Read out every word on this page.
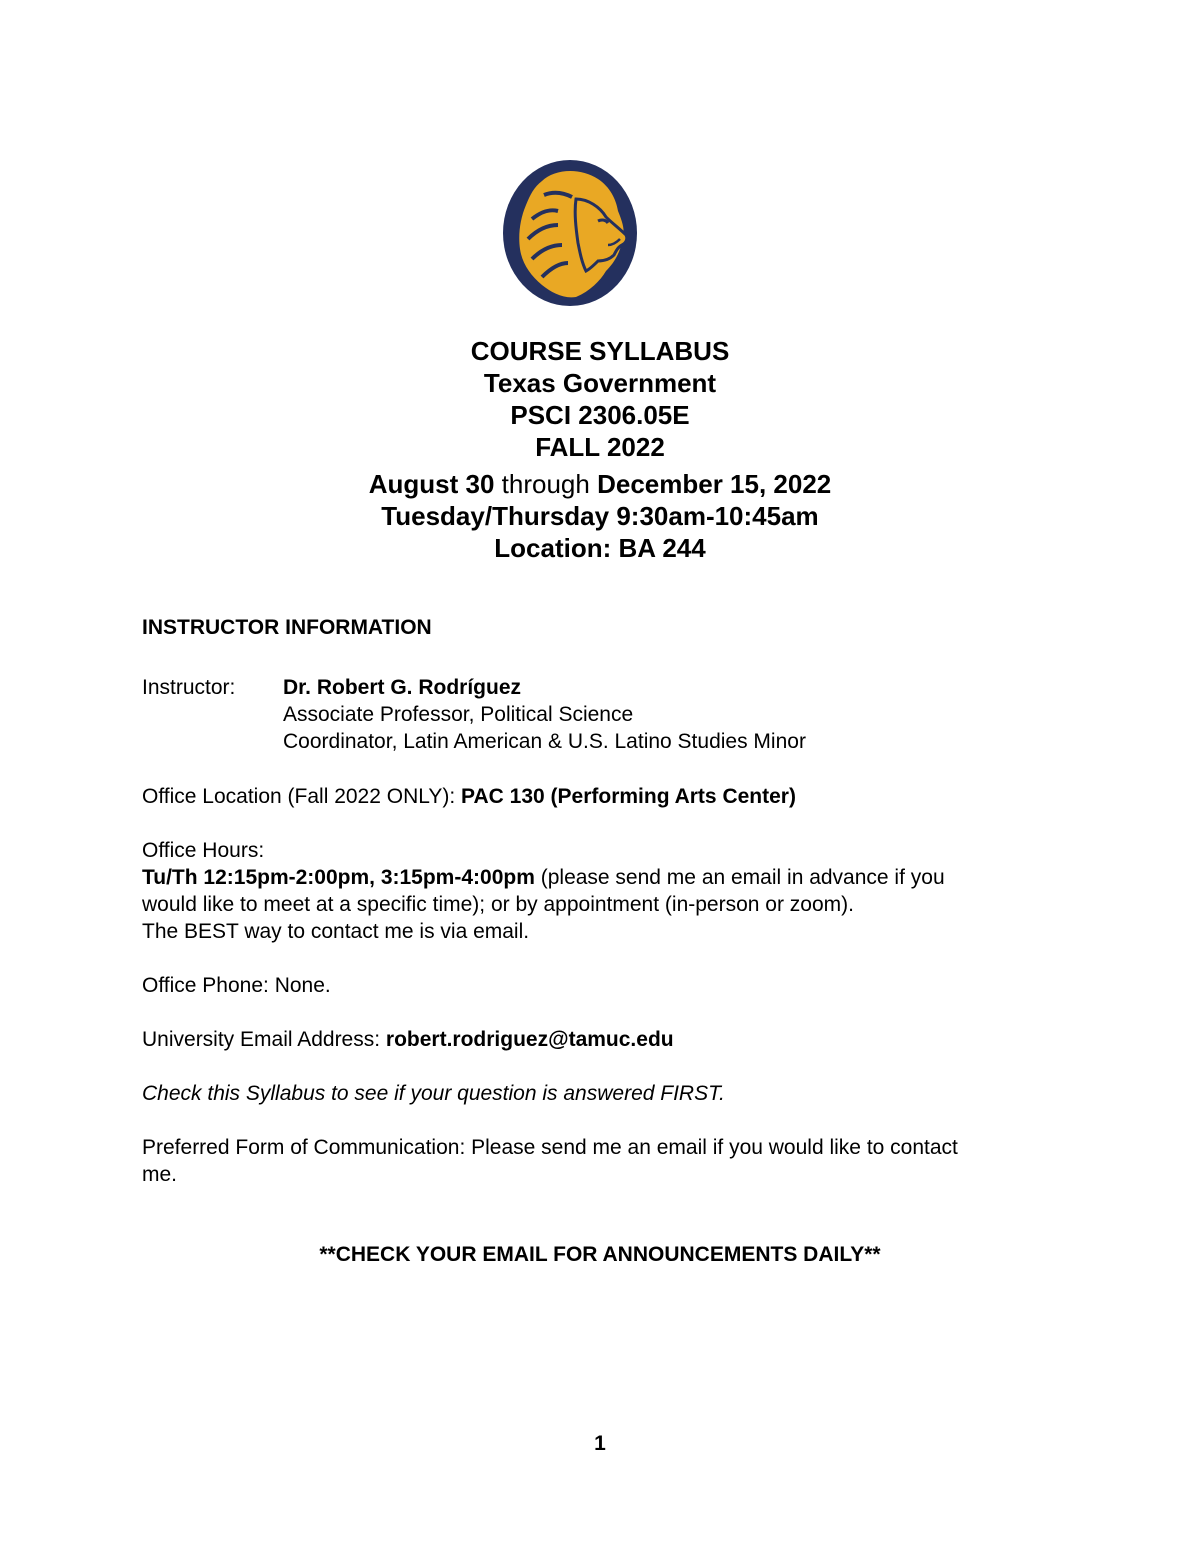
COURSE SYLLABUS
Texas Government
PSCI 2306.05E
FALL 2022
August 30 through December 15, 2022
Tuesday/Thursday 9:30am-10:45am
Location: BA 244
INSTRUCTOR INFORMATION
Instructor: Dr. Robert G. Rodríguez
Associate Professor, Political Science
Coordinator, Latin American & U.S. Latino Studies Minor
Office Location (Fall 2022 ONLY): PAC 130 (Performing Arts Center)
Office Hours:
Tu/Th 12:15pm-2:00pm, 3:15pm-4:00pm (please send me an email in advance if you
would like to meet at a specific time); or by appointment (in-person or zoom).
The BEST way to contact me is via email.
Office Phone: None.
University Email Address: robert.rodriguez@tamuc.edu
Check this Syllabus to see if your question is answered FIRST.
Preferred Form of Communication: Please send me an email if you would like to contact
me.
**CHECK YOUR EMAIL FOR ANNOUNCEMENTS DAILY**
1
